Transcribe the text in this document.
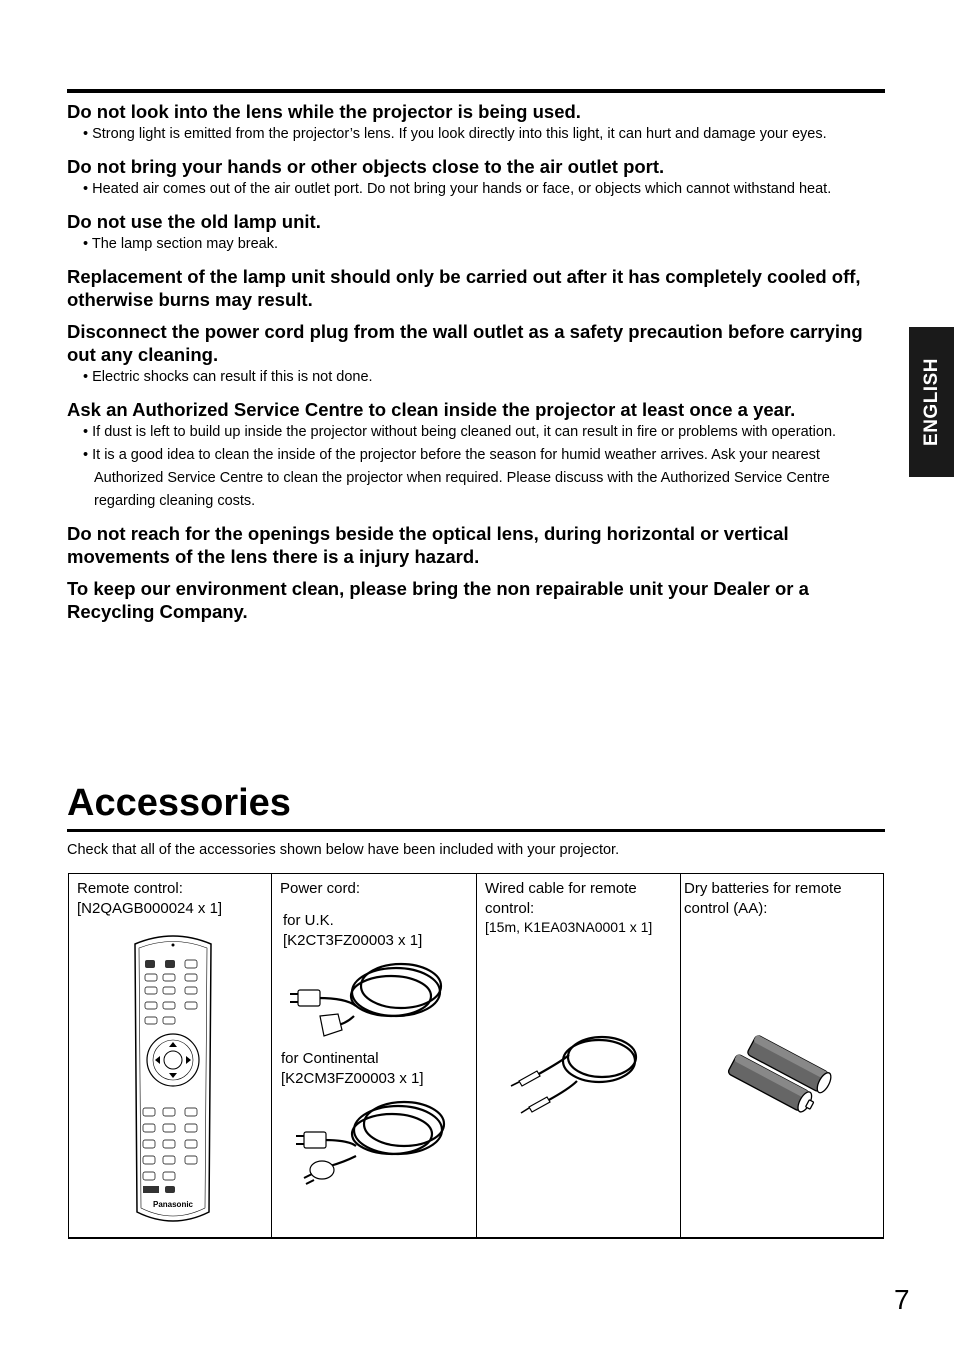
Do not look into the lens while the projector is being used.
• Strong light is emitted from the projector’s lens. If you look directly into this light, it can hurt and damage your eyes.
Do not bring your hands or other objects close to the air outlet port.
• Heated air comes out of the air outlet port. Do not bring your hands or face, or objects which cannot withstand heat.
Do not use the old lamp unit.
• The lamp section may break.
Replacement of the lamp unit should only be carried out after it has completely cooled off, otherwise burns may result.
Disconnect the power cord plug from the wall outlet as a safety precaution before carrying out any cleaning.
• Electric shocks can result if this is not done.
Ask an Authorized Service Centre to clean inside the projector at least once a year.
• If dust is left to build up inside the projector without being cleaned out, it can result in fire or problems with operation.
• It is a good idea to clean the inside of the projector before the season for humid weather arrives. Ask your nearest Authorized Service Centre to clean the projector when required. Please discuss with the Authorized Service Centre regarding cleaning costs.
Do not reach for the openings beside the optical lens, during horizontal or vertical movements of the lens there is a injury hazard.
To keep our environment clean, please bring the non repairable unit your Dealer or a Recycling Company.
ENGLISH
Accessories
Check that all of the accessories shown below have been included with your projector.
Remote control:
[N2QAGB000024 x 1]
Panasonic
Power cord:
for U.K.
[K2CT3FZ00003 x 1]
for Continental
[K2CM3FZ00003 x 1]
Wired cable for remote
control:
[15m, K1EA03NA0001 x 1]
Dry batteries for remote
control (AA):
7
